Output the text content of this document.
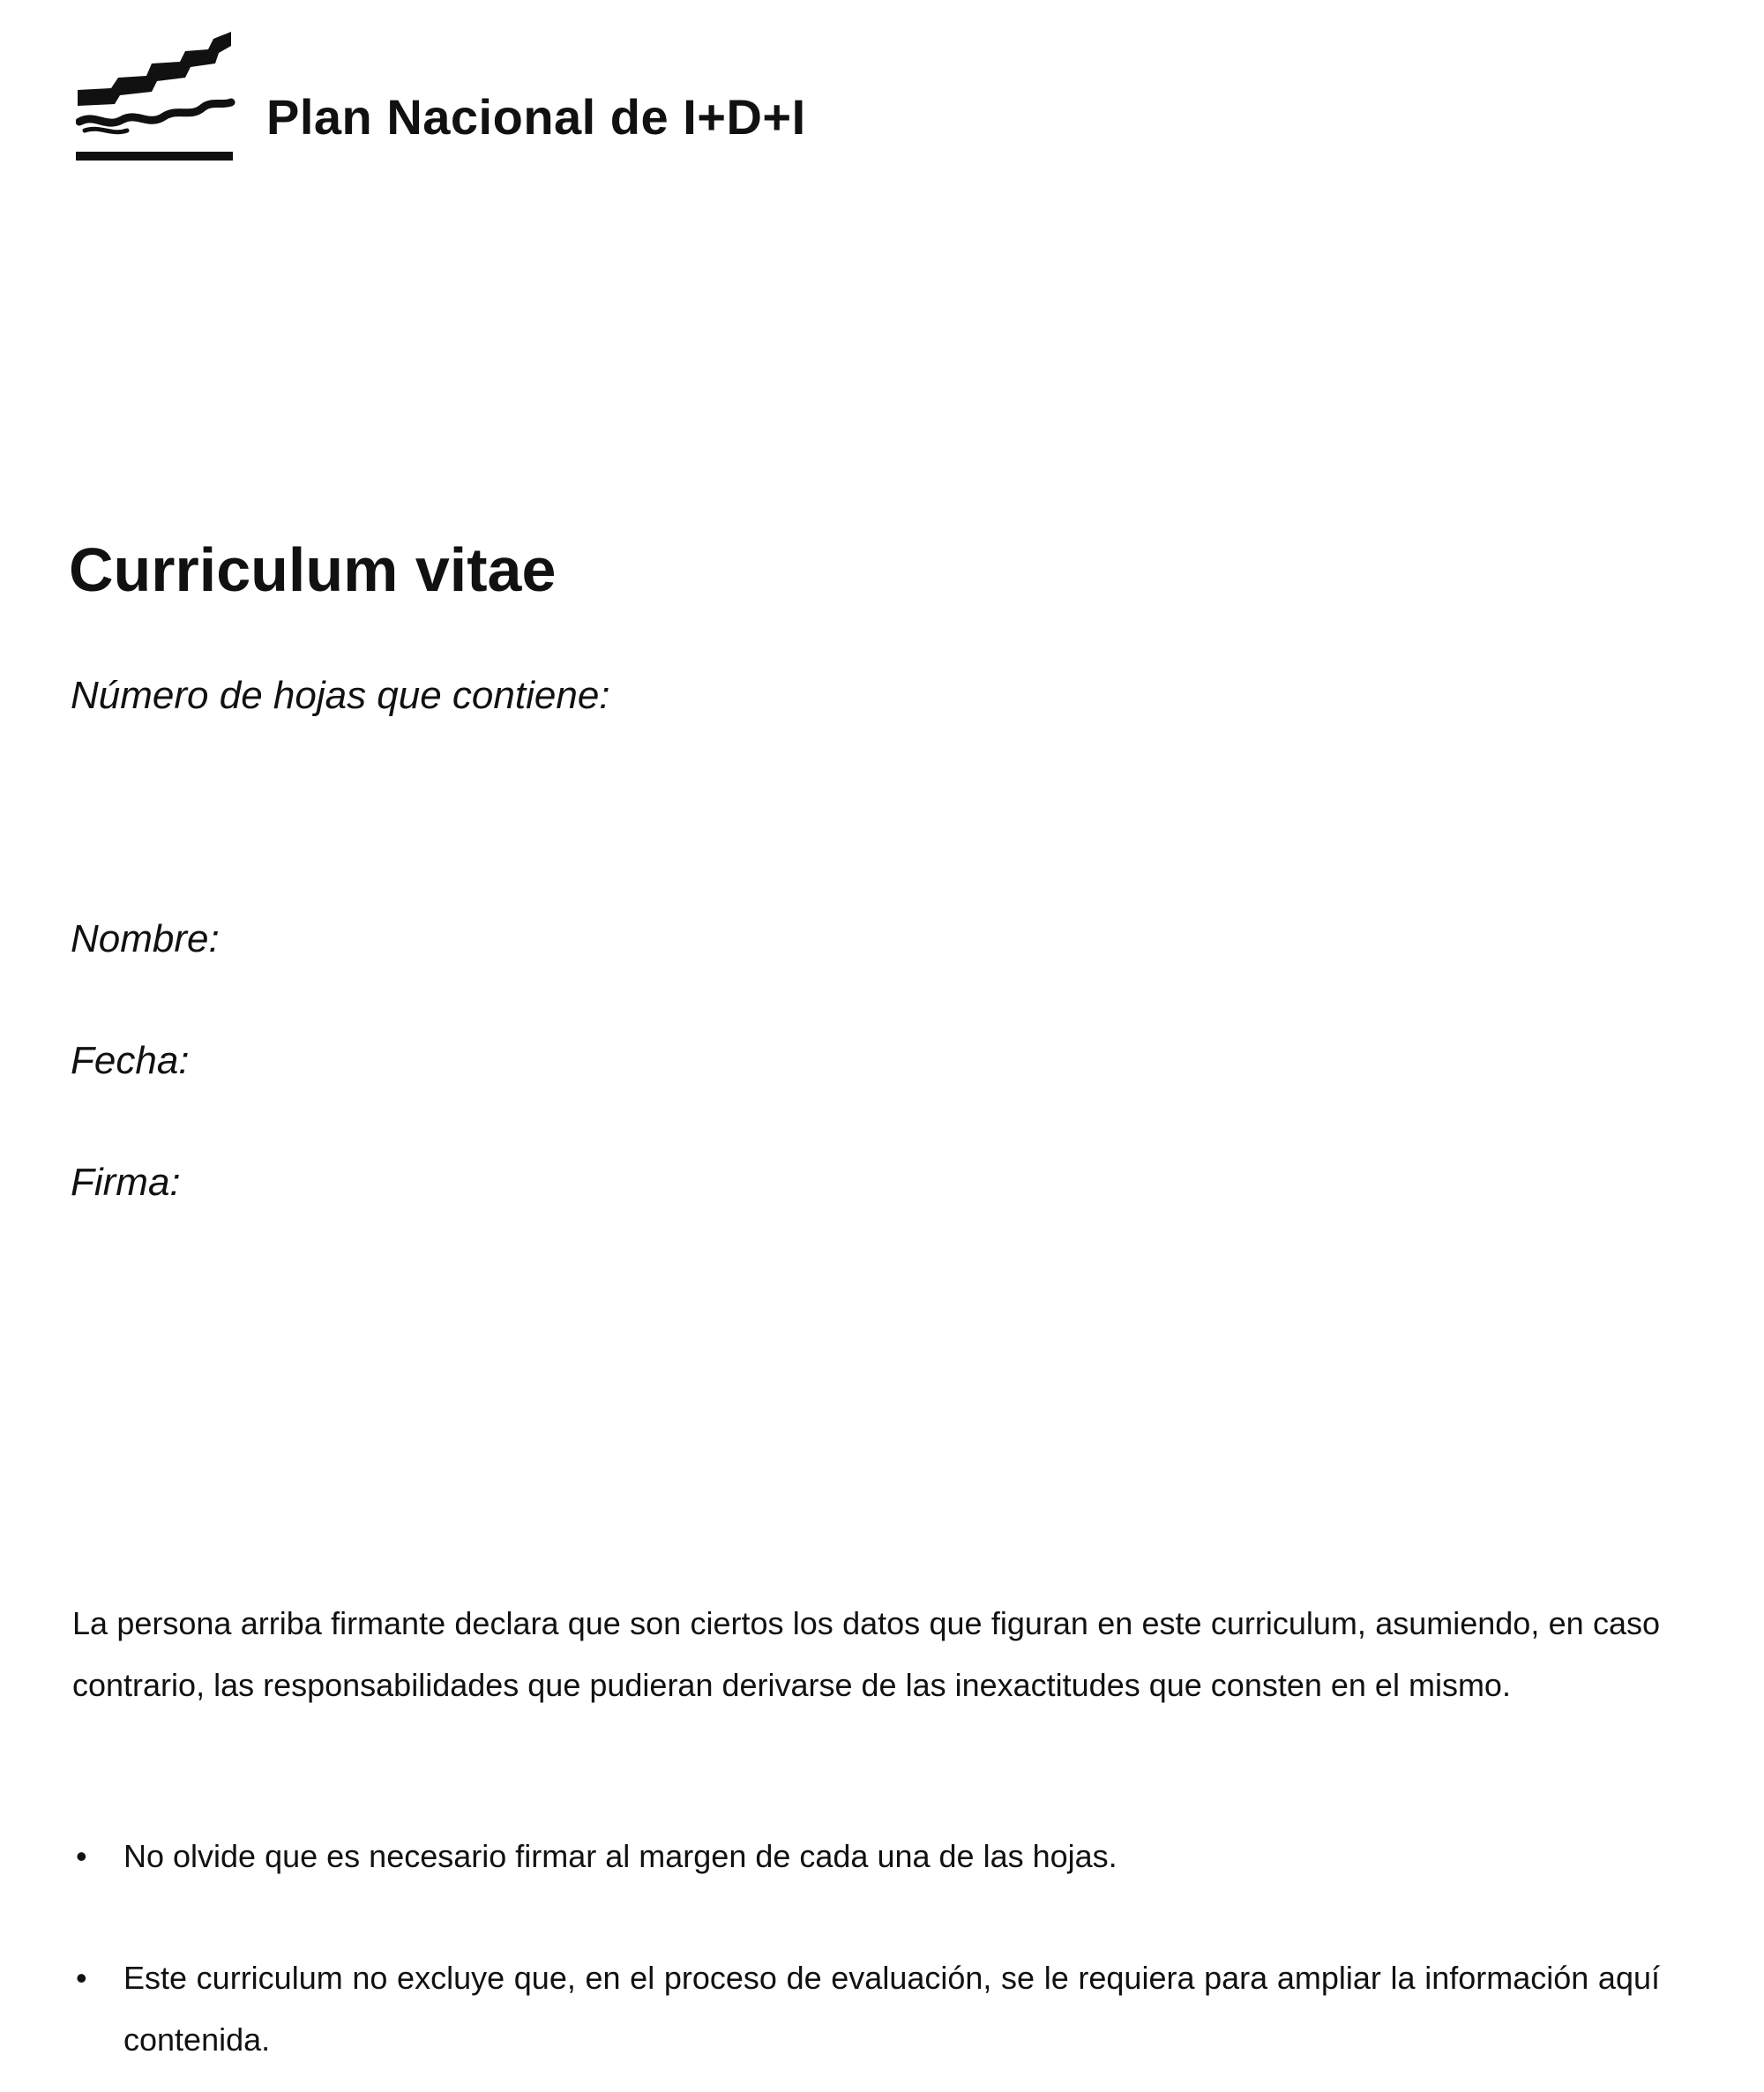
Plan Nacional de I+D+I
Curriculum vitae
Número de hojas que contiene:
Nombre:
Fecha:
Firma:

La persona arriba firmante declara que son ciertos los datos que figuran en este curriculum, asumiendo, en caso contrario, las responsabilidades que pudieran derivarse de las inexactitudes que consten en el mismo.

• No olvide que es necesario firmar al margen de cada una de las hojas.
• Este curriculum no excluye que, en el proceso de evaluación, se le requiera para ampliar la información aquí contenida.
